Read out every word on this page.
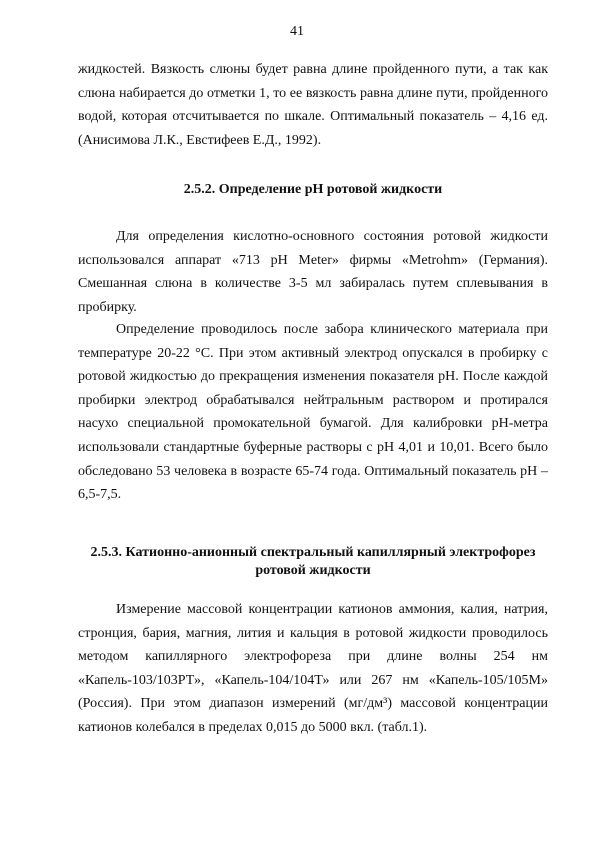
41

жидкостей. Вязкость слюны будет равна длине пройденного пути, а так как слюна набирается до отметки 1, то ее вязкость равна длине пути, пройденного водой, которая отсчитывается по шкале. Оптимальный показатель – 4,16 ед. (Анисимова Л.К., Евстифеев Е.Д., 1992).

2.5.2. Определение рН ротовой жидкости

Для определения кислотно-основного состояния ротовой жидкости использовался аппарат «713 pH Meter» фирмы «Metrohm» (Германия). Смешанная слюна в количестве 3-5 мл забиралась путем сплевывания в пробирку.

Определение проводилось после забора клинического материала при температуре 20-22 °С. При этом активный электрод опускался в пробирку с ротовой жидкостью до прекращения изменения показателя рН. После каждой пробирки электрод обрабатывался нейтральным раствором и протирался насухо специальной промокательной бумагой. Для калибровки рН-метра использовали стандартные буферные растворы с рН 4,01 и 10,01. Всего было обследовано 53 человека в возрасте 65-74 года. Оптимальный показатель рН – 6,5-7,5.

2.5.3. Катионно-анионный спектральный капиллярный электрофорез ротовой жидкости

Измерение массовой концентрации катионов аммония, калия, натрия, стронция, бария, магния, лития и кальция в ротовой жидкости проводилось методом капиллярного электрофореза при длине волны 254 нм «Капель-103/103РТ», «Капель-104/104Т» или 267 нм «Капель-105/105М» (Россия). При этом диапазон измерений (мг/дм³) массовой концентрации катионов колебался в пределах 0,015 до 5000 вкл. (табл.1).
